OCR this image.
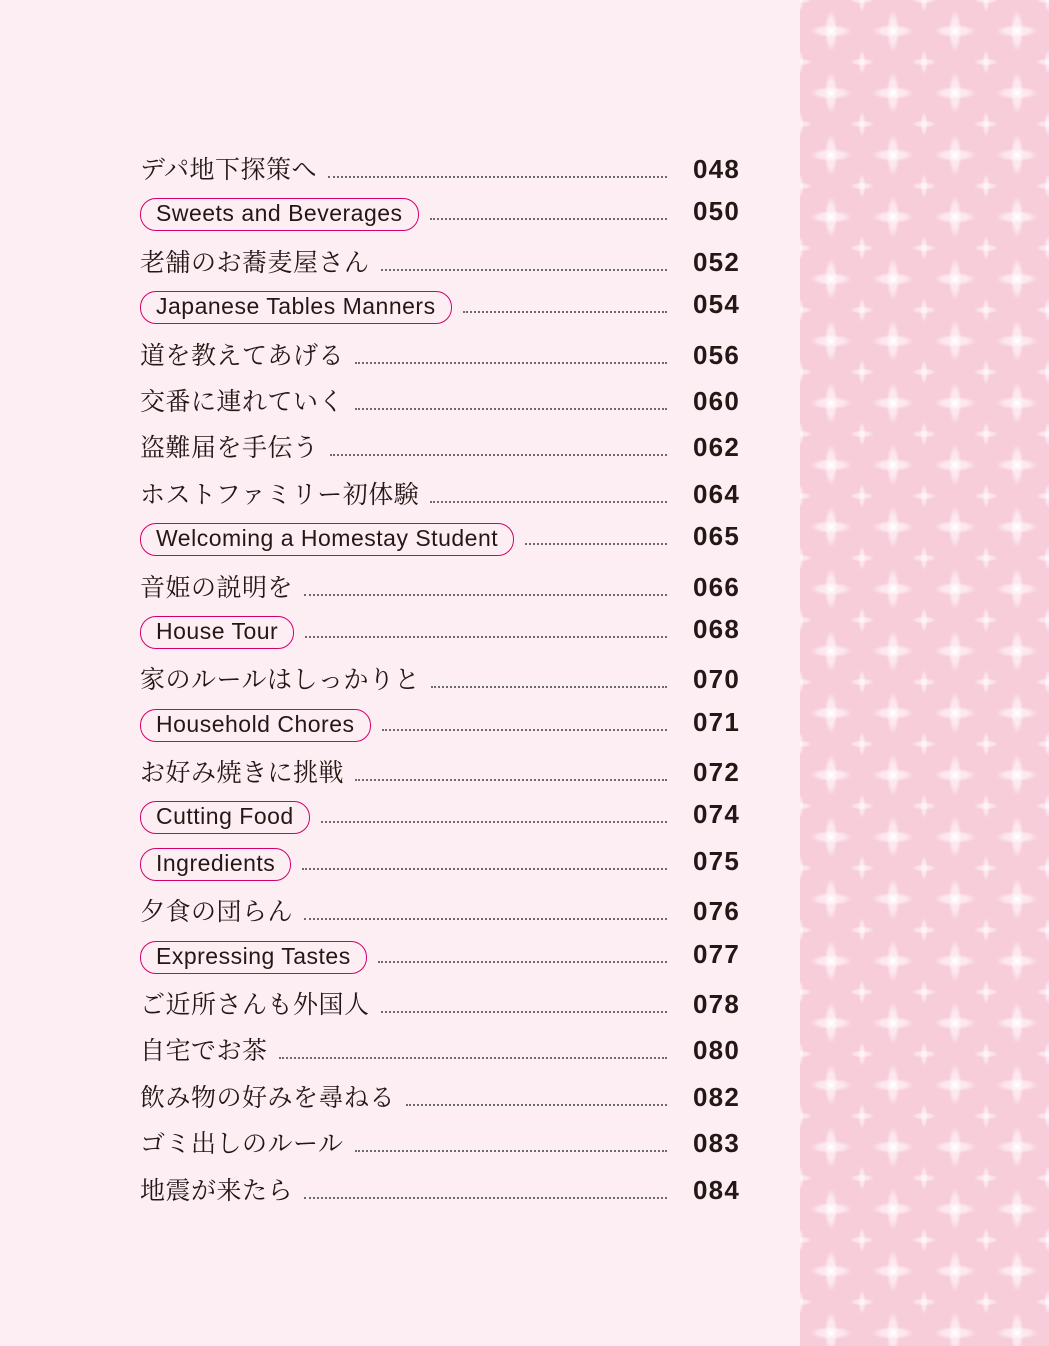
デパ地下探策へ	048
Sweets and Beverages	050
老舗のお蕎麦屋さん	052
Japanese Tables Manners	054
道を教えてあげる	056
交番に連れていく	060
盗難届を手伝う	062
ホストファミリー初体験	064
Welcoming a Homestay Student	065
音姫の説明を	066
House Tour	068
家のルールはしっかりと	070
Household Chores	071
お好み焼きに挑戦	072
Cutting Food	074
Ingredients	075
夕食の団らん	076
Expressing Tastes	077
ご近所さんも外国人	078
自宅でお茶	080
飲み物の好みを尋ねる	082
ゴミ出しのルール	083
地震が来たら	084
